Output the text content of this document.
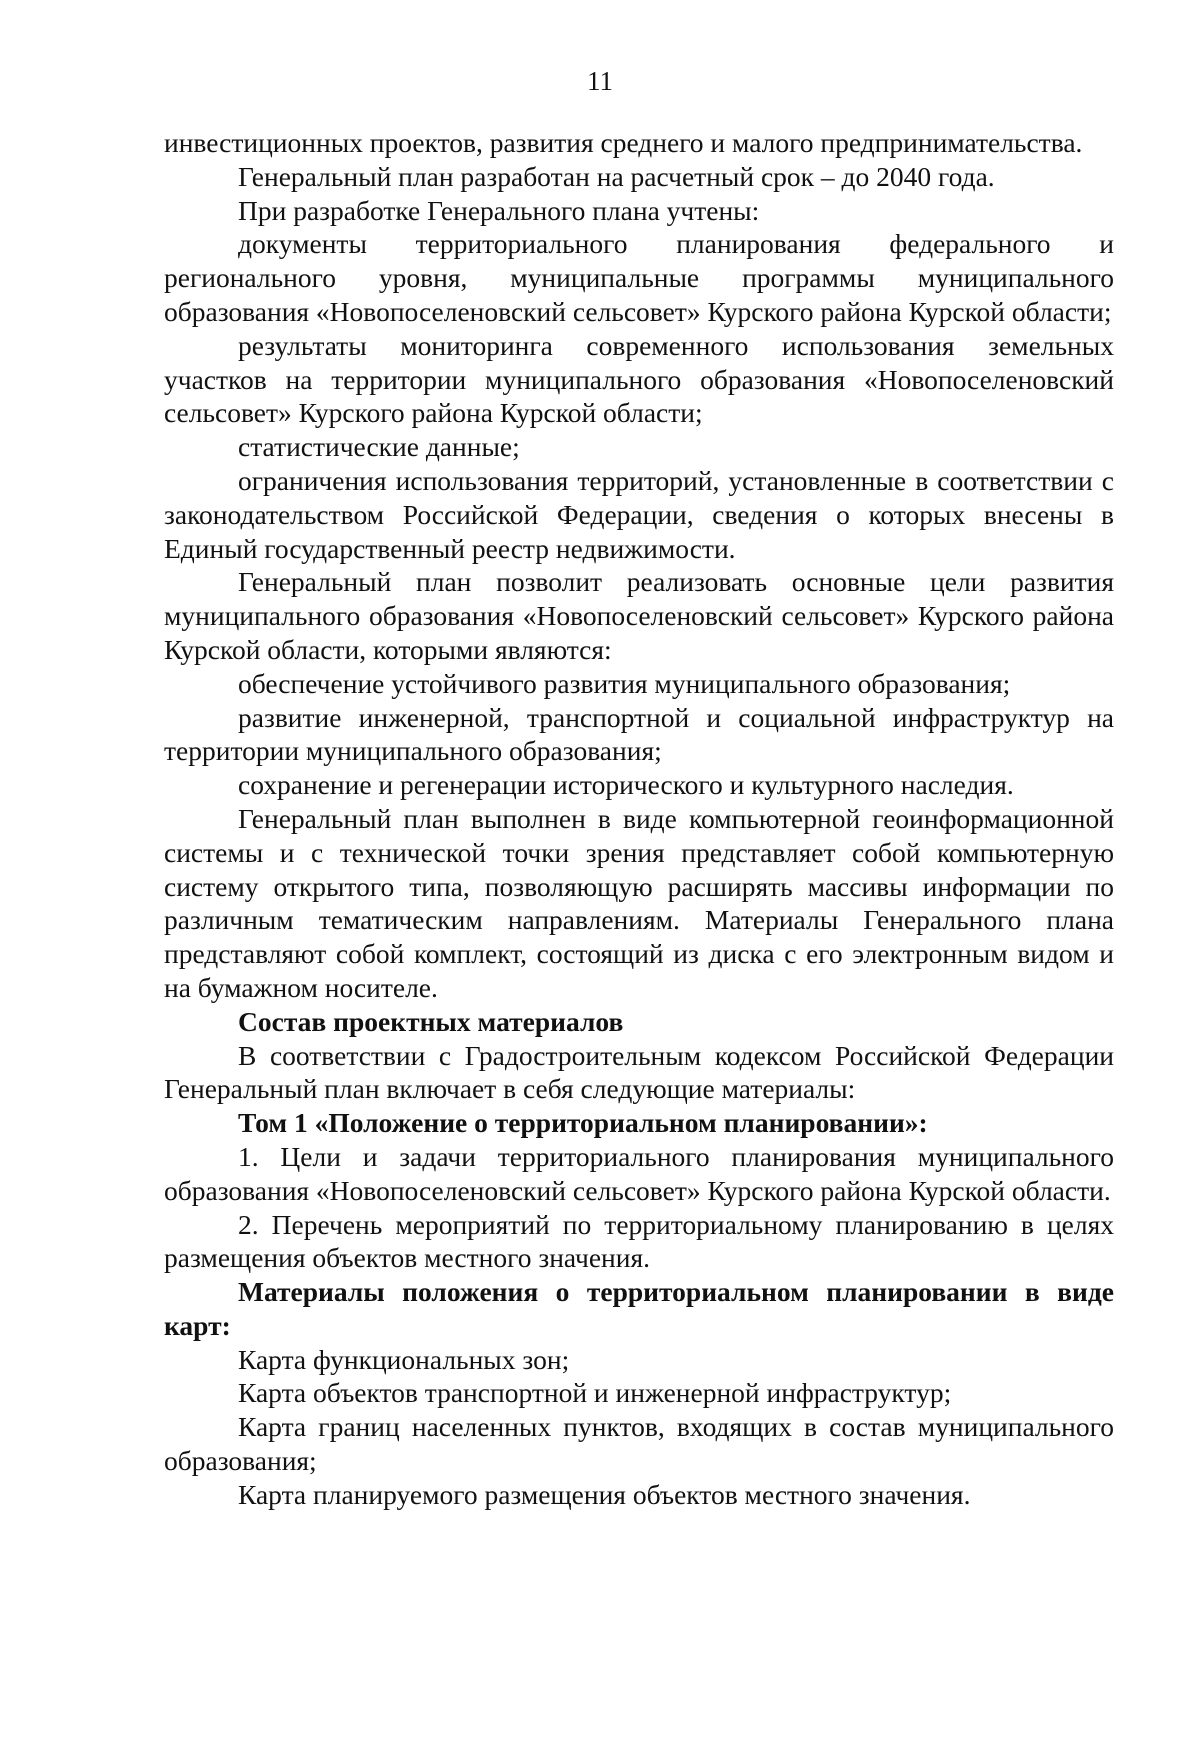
11

инвестиционных проектов, развития среднего и малого предпринимательства.

Генеральный план разработан на расчетный срок – до 2040 года.

При разработке Генерального плана учтены:

документы территориального планирования федерального и регионального уровня, муниципальные программы муниципального образования «Новопоселеновский сельсовет» Курского района Курской области;

результаты мониторинга современного использования земельных участков на территории муниципального образования «Новопоселеновский сельсовет» Курского района Курской области;

статистические данные;

ограничения использования территорий, установленные в соответствии с законодательством Российской Федерации, сведения о которых внесены в Единый государственный реестр недвижимости.

Генеральный план позволит реализовать основные цели развития муниципального образования «Новопоселеновский сельсовет» Курского района Курской области, которыми являются:

обеспечение устойчивого развития муниципального образования;

развитие инженерной, транспортной и социальной инфраструктур на территории муниципального образования;

сохранение и регенерации исторического и культурного наследия.

Генеральный план выполнен в виде компьютерной геоинформационной системы и с технической точки зрения представляет собой компьютерную систему открытого типа, позволяющую расширять массивы информации по различным тематическим направлениям. Материалы Генерального плана представляют собой комплект, состоящий из диска с его электронным видом и на бумажном носителе.

Состав проектных материалов

В соответствии с Градостроительным кодексом Российской Федерации Генеральный план включает в себя следующие материалы:

Том 1 «Положение о территориальном планировании»:

1. Цели и задачи территориального планирования муниципального образования «Новопоселеновский сельсовет» Курского района Курской области.

2. Перечень мероприятий по территориальному планированию в целях размещения объектов местного значения.

Материалы положения о территориальном планировании в виде карт:

Карта функциональных зон;

Карта объектов транспортной и инженерной инфраструктур;

Карта границ населенных пунктов, входящих в состав муниципального образования;

Карта планируемого размещения объектов местного значения.
